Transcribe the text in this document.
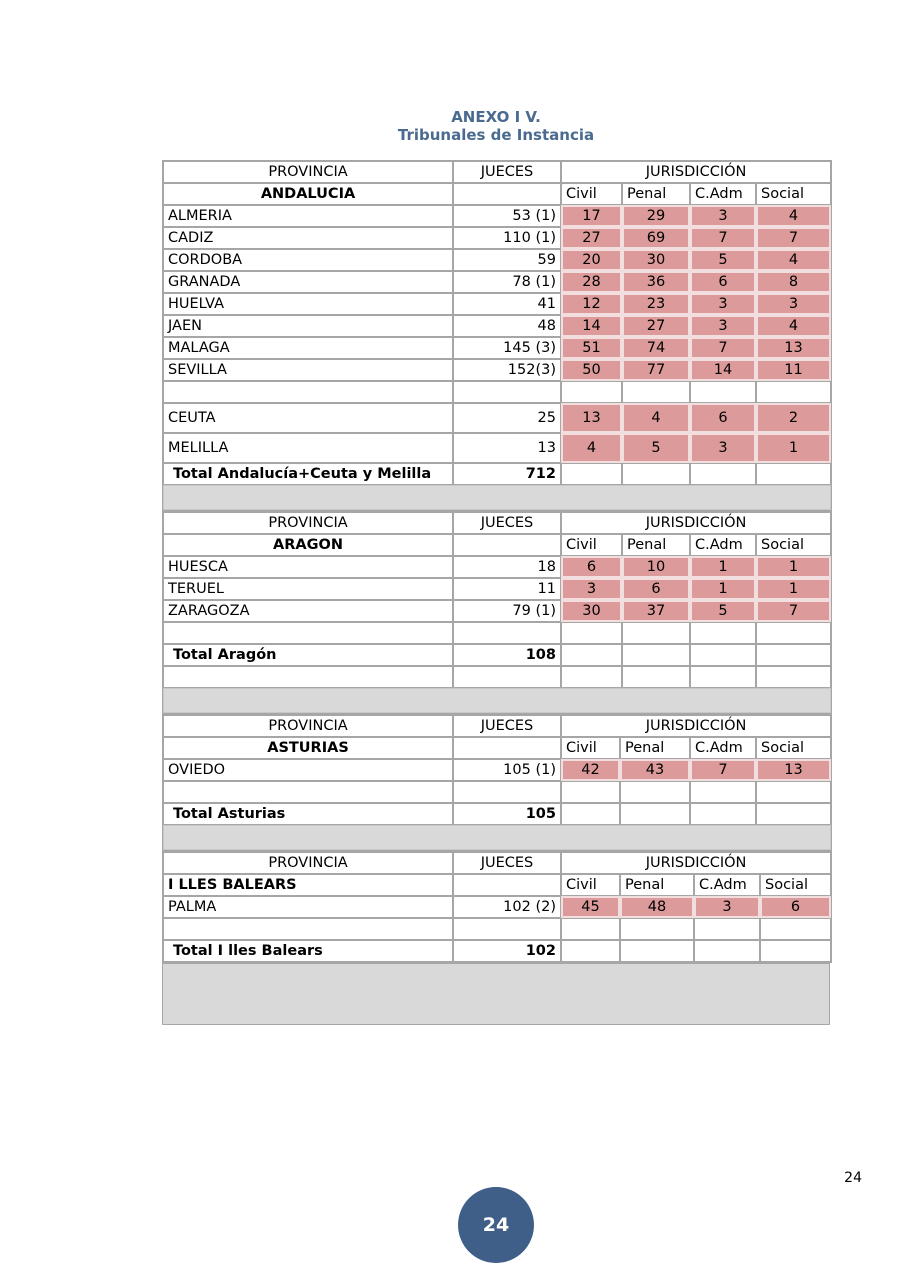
ANEXO I V.
Tribunales de Instancia
PROVINCIA	JUECES	JURISDICCIÓN			
ANDALUCIA		Civil	Penal	C.Adm	Social
ALMERIA	53 (1)	17	29	3	4
CADIZ	110 (1)	27	69	7	7
CORDOBA	59	20	30	5	4
GRANADA	78 (1)	28	36	6	8
HUELVA	41	12	23	3	3
JAEN	48	14	27	3	4
MALAGA	145 (3)	51	74	7	13
SEVILLA	152(3)	50	77	14	11

CEUTA	25	13	4	6	2
MELILLA	13	4	5	3	1
Total Andalucía+Ceuta y Melilla	712				

PROVINCIA	JUECES	JURISDICCIÓN			
ARAGON		Civil	Penal	C.Adm	Social
HUESCA	18	6	10	1	1
TERUEL	11	3	6	1	1
ZARAGOZA	79 (1)	30	37	5	7

Total Aragón	108				

PROVINCIA	JUECES	JURISDICCIÓN			
ASTURIAS		Civil	Penal	C.Adm	Social
OVIEDO	105 (1)	42	43	7	13

Total Asturias	105				

PROVINCIA	JUECES	JURISDICCIÓN			
I LLES BALEARS		Civil	Penal	C.Adm	Social
PALMA	102 (2)	45	48	3	6

Total I lles Balears	102				
24
24
